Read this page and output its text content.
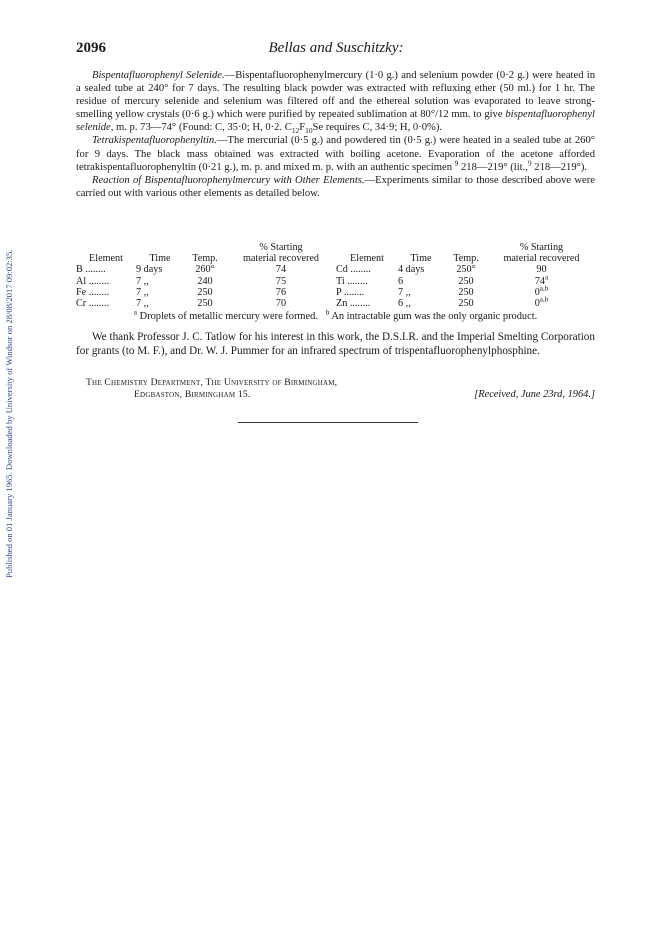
Published on 01 January 1965. Downloaded by University of Windsor on 28/08/2017 09:02:35.
2096	Bellas and Suschitzky:

Bispentafluorophenyl Selenide.—Bispentafluorophenylmercury (1·0 g.) and selenium powder (0·2 g.) were heated in a sealed tube at 240° for 7 days. The resulting black powder was extracted with refluxing ether (50 ml.) for 1 hr. The residue of mercury selenide and selenium was filtered off and the ethereal solution was evaporated to leave strong-smelling yellow crystals (0·6 g.) which were purified by repeated sublimation at 80°/12 mm. to give bispentafluorophenyl selenide, m. p. 73—74° (Found: C, 35·0; H, 0·2. $C_{12}F_{10}Se$ requires C, 34·9; H, 0·0%).

Tetrakispentafluorophenyltin.—The mercurial (0·5 g.) and powdered tin (0·5 g.) were heated in a sealed tube at 260° for 9 days. The black mass obtained was extracted with boiling acetone. Evaporation of the acetone afforded tetrakispentafluorophenyltin (0·21 g.), m. p. and mixed m. p. with an authentic specimen $^9$ 218—219° (lit.,$^9$ 218—219°).

Reaction of Bispentafluorophenylmercury with Other Elements.—Experiments similar to those described above were carried out with various other elements as detailed below.

			% Starting				% Starting
Element	Time	Temp.	material recovered	Element	Time	Temp.	material recovered
B ........	9 days	260°	74	Cd ........	4 days	250°	90
Al ........	7 ,,	240	75	Ti ........	6	250	74$^a$
Fe ........	7 ,,	250	76	P ........	7 ,,	250	0$^{a,b}$
Cr ........	7 ,,	250	70	Zn ........	6 ,,	250	0$^{a,b}$
$^a$ Droplets of metallic mercury were formed. $^b$ An intractable gum was the only organic product.

We thank Professor J. C. Tatlow for his interest in this work, the D.S.I.R. and the Imperial Smelting Corporation for grants (to M. F.), and Dr. W. J. Pummer for an infrared spectrum of trispentafluorophenylphosphine.

The Chemistry Department, The University of Birmingham,
Edgbaston, Birmingham 15.	[Received, June 23rd, 1964.]
